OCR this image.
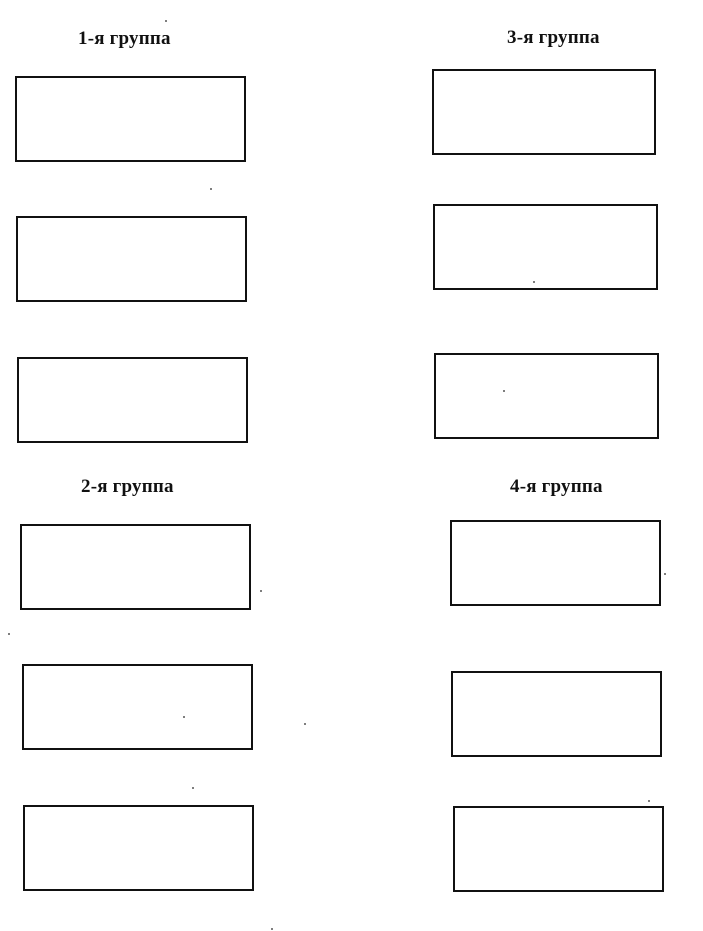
1-я группа
2-я группа
3-я группа
4-я группа
